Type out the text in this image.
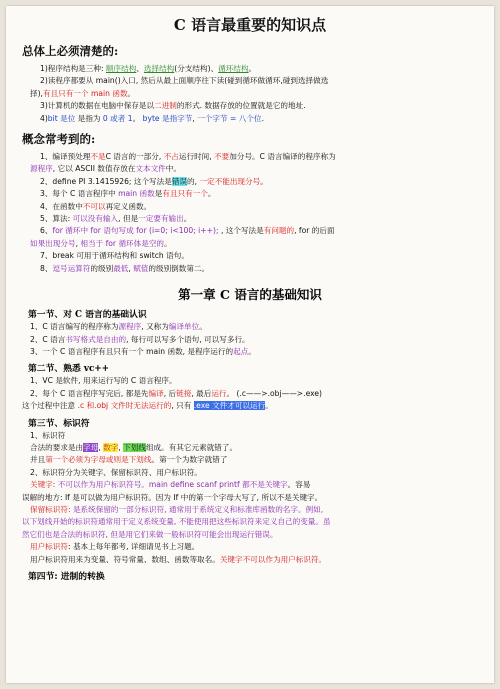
C 语言最重要的知识点
总体上必须清楚的:

1)程序结构是三种: 顺序结构、选择结构(分支结构)、循环结构。

2)读程序都要从 main()入口, 然后从最上面顺序往下读(碰到循环做循环,碰到选择做选

择),有且只有一个 main 函数。

3)计算机的数据在电脑中保存是以二进制的形式. 数据存放的位置就是它的地址.

4)bit 是位 是指为 0 或者 1。 byte 是指字节, 一个字节 = 八个位.

概念常考到的:

1、编译预处理不是C 语言的一部分, 不占运行时间, 不要加分号。C 语言编译的程序称为

源程序, 它以 ASCII 数值存放在文本文件中。

2、define PI 3.1415926; 这个写法是错误的, 一定不能出现分号。

3、每个 C 语言程序中 main 函数是有且只有一个。

4、在函数中不可以再定义函数。

5、算法: 可以没有输入, 但是一定要有输出。

6、for 循环中 for 语句写成 for (i=0; i<100; i++); , 这个写法是有问题的, for 的后面

如果出现分号, 相当于 for 循环体是空的。

7、break 可用于循环结构和 switch 语句。

8、逗号运算符的级别最低, 赋值的级别倒数第二。

第一章 C 语言的基础知识
第一节、对 C 语言的基础认识

1、C 语言编写的程序称为源程序, 又称为编译单位。

2、C 语言书写格式是自由的, 每行可以写多个语句, 可以写多行。

3、一个 C 语言程序有且只有一个 main 函数, 是程序运行的起点。

第二节、熟悉 vc++

1、VC 是软件, 用来运行写的 C 语言程序。

2、每个 C 语言程序写完后, 都是先编译, 后链接, 最后运行。 (.c——>.obj——>.exe)

这个过程中注意 .c 和.obj 文件时无法运行的, 只有 .exe 文件才可以运行。

第三节、标识符

1、标识符

合法的要求是由字母, 数字, 下划线组成。有其它元素就错了。

并且第一个必须为字母或则是下划线。第一个为数字就错了

2、标识符分为关键字、保留标识符、用户标识符。

关键字: 不可以作为用户标识符号。main define scanf printf 都不是关键字。容易

误解的地方: If 是可以做为用户标识符。因为 If 中的第一个字母大写了, 所以不是关键字。

保留标识符: 是系统保留的一部分标识符, 通常用于系统定义和标准库函数的名字。例如,

以下划线开始的标识符通常用于定义系统变量, 不能使用把这些标识符来定义自己的变量。虽

然它们也是合法的标识符, 但是用它们来做一般标识符可能会出现运行错误。

用户标识符: 基本上每年都考, 详细请见书上习题。

用户标识符用来为变量、符号常量、数组、函数等取名。关键字不可以作为用户标识符。

第四节: 进制的转换
